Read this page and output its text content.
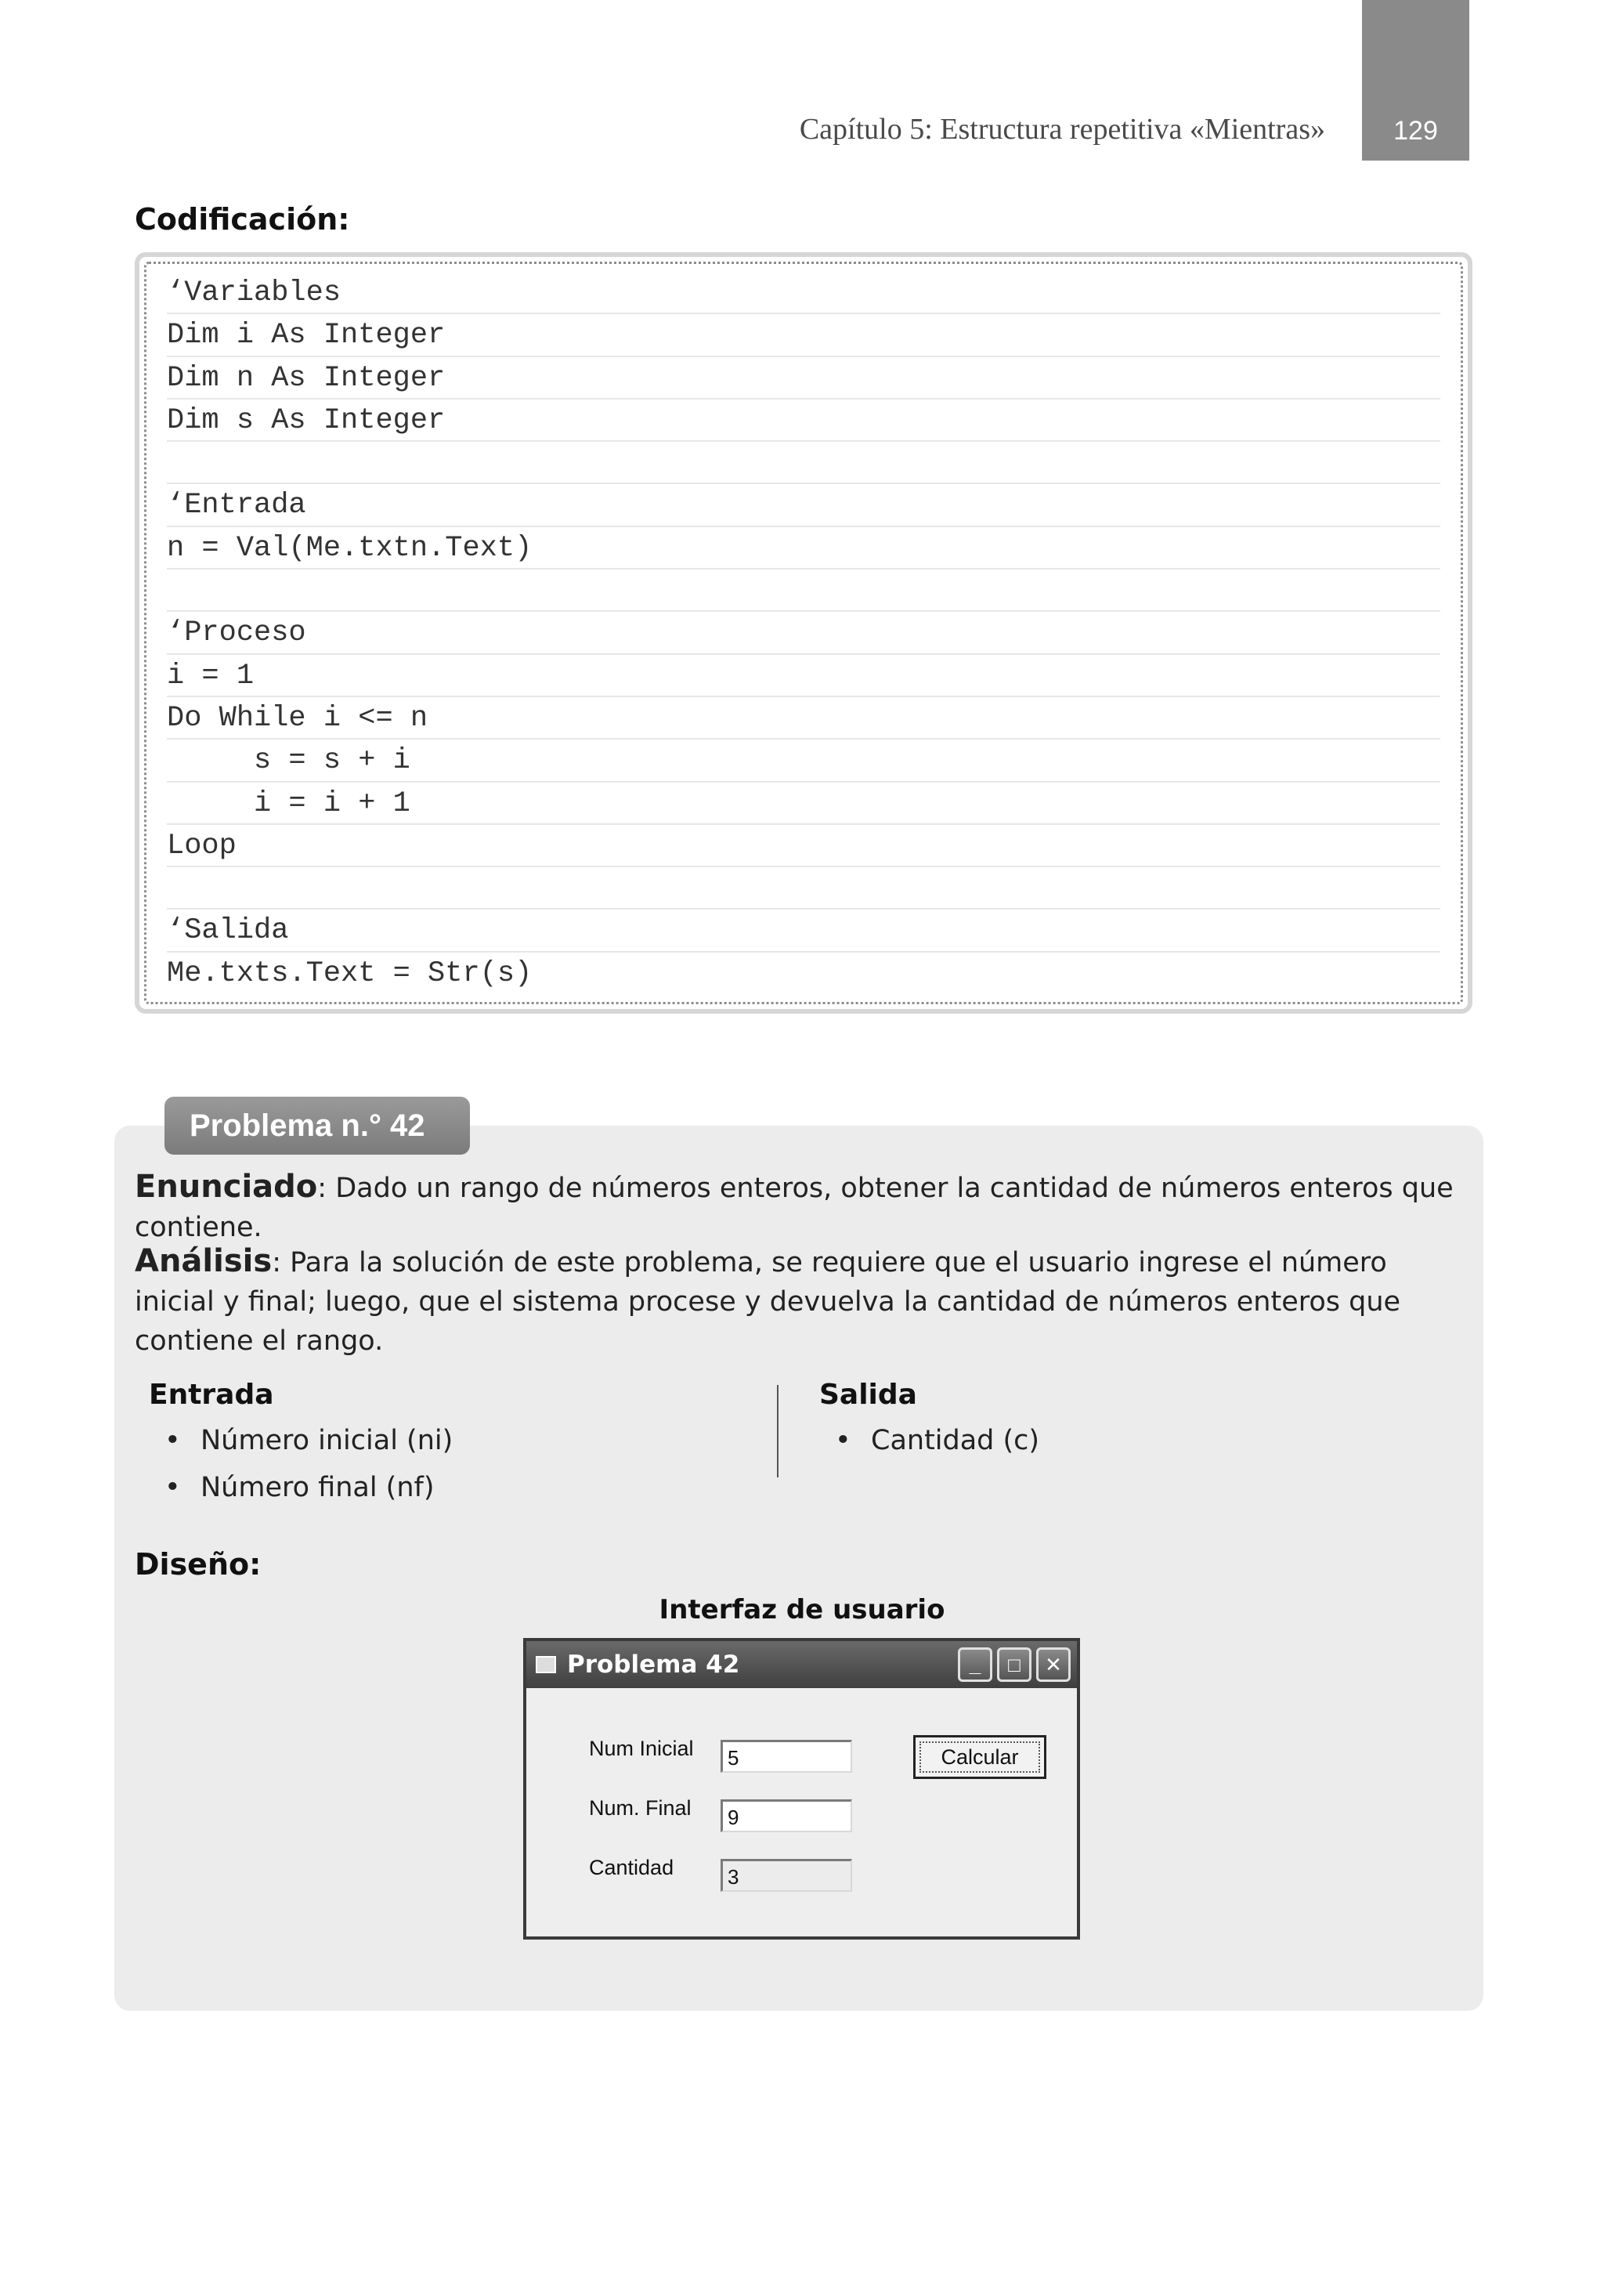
Capítulo 5: Estructura repetitiva «Mientras»	129
Codificación:
‘Variables
Dim i As Integer
Dim n As Integer
Dim s As Integer
‘Entrada
n = Val(Me.txtn.Text)
‘Proceso
i = 1
Do While i <= n
s = s + i
i = i + 1
Loop
‘Salida
Me.txts.Text = Str(s)
Problema n.° 42
Enunciado: Dado un rango de números enteros, obtener la cantidad de números enteros que contiene.
Análisis: Para la solución de este problema, se requiere que el usuario ingrese el número inicial y final; luego, que el sistema procese y devuelva la cantidad de números enteros que contiene el rango.
Entrada
• Número inicial (ni)
• Número final (nf)
Salida
• Cantidad (c)
Diseño:
Interfaz de usuario
Problema 42	_	□	✕
Num Inicial	5
Num. Final	9
Cantidad	3
Calcular
